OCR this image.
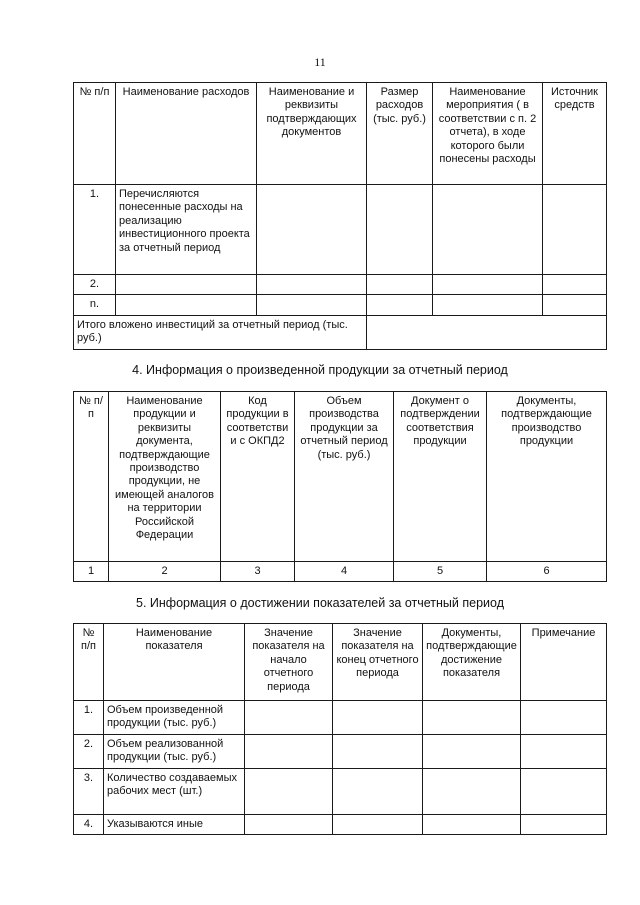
11
№ п/п	Наименование расходов	Наименование и реквизиты подтверждающих документов	Размер расходов (тыс. руб.)	Наименование мероприятия ( в соответствии с п. 2 отчета), в ходе которого были понесены расходы	Источник средств
1.	Перечисляются понесенные расходы на реализацию инвестиционного проекта за отчетный период				
2.					
n.					
Итого вложено инвестиций за отчетный период (тыс. руб.)					
4. Информация о произведенной продукции за отчетный период
№ п/п	Наименование продукции и реквизиты документа, подтверждающие производство продукции, не имеющей аналогов на территории Российской Федерации	Код продукции в соответствии с ОКПД2	Объем производства продукции за отчетный период (тыс. руб.)	Документ о подтверждении соответствия продукции	Документы, подтверждающие производство продукции
1	2	3	4	5	6
5. Информация о достижении показателей за отчетный период
№ п/п	Наименование показателя	Значение показателя на начало отчетного периода	Значение показателя на конец отчетного периода	Документы, подтверждающие достижение показателя	Примечание
1.	Объем произведенной продукции (тыс. руб.)				
2.	Объем реализованной продукции (тыс. руб.)				
3.	Количество создаваемых рабочих мест (шт.)				
4.	Указываются иные				
